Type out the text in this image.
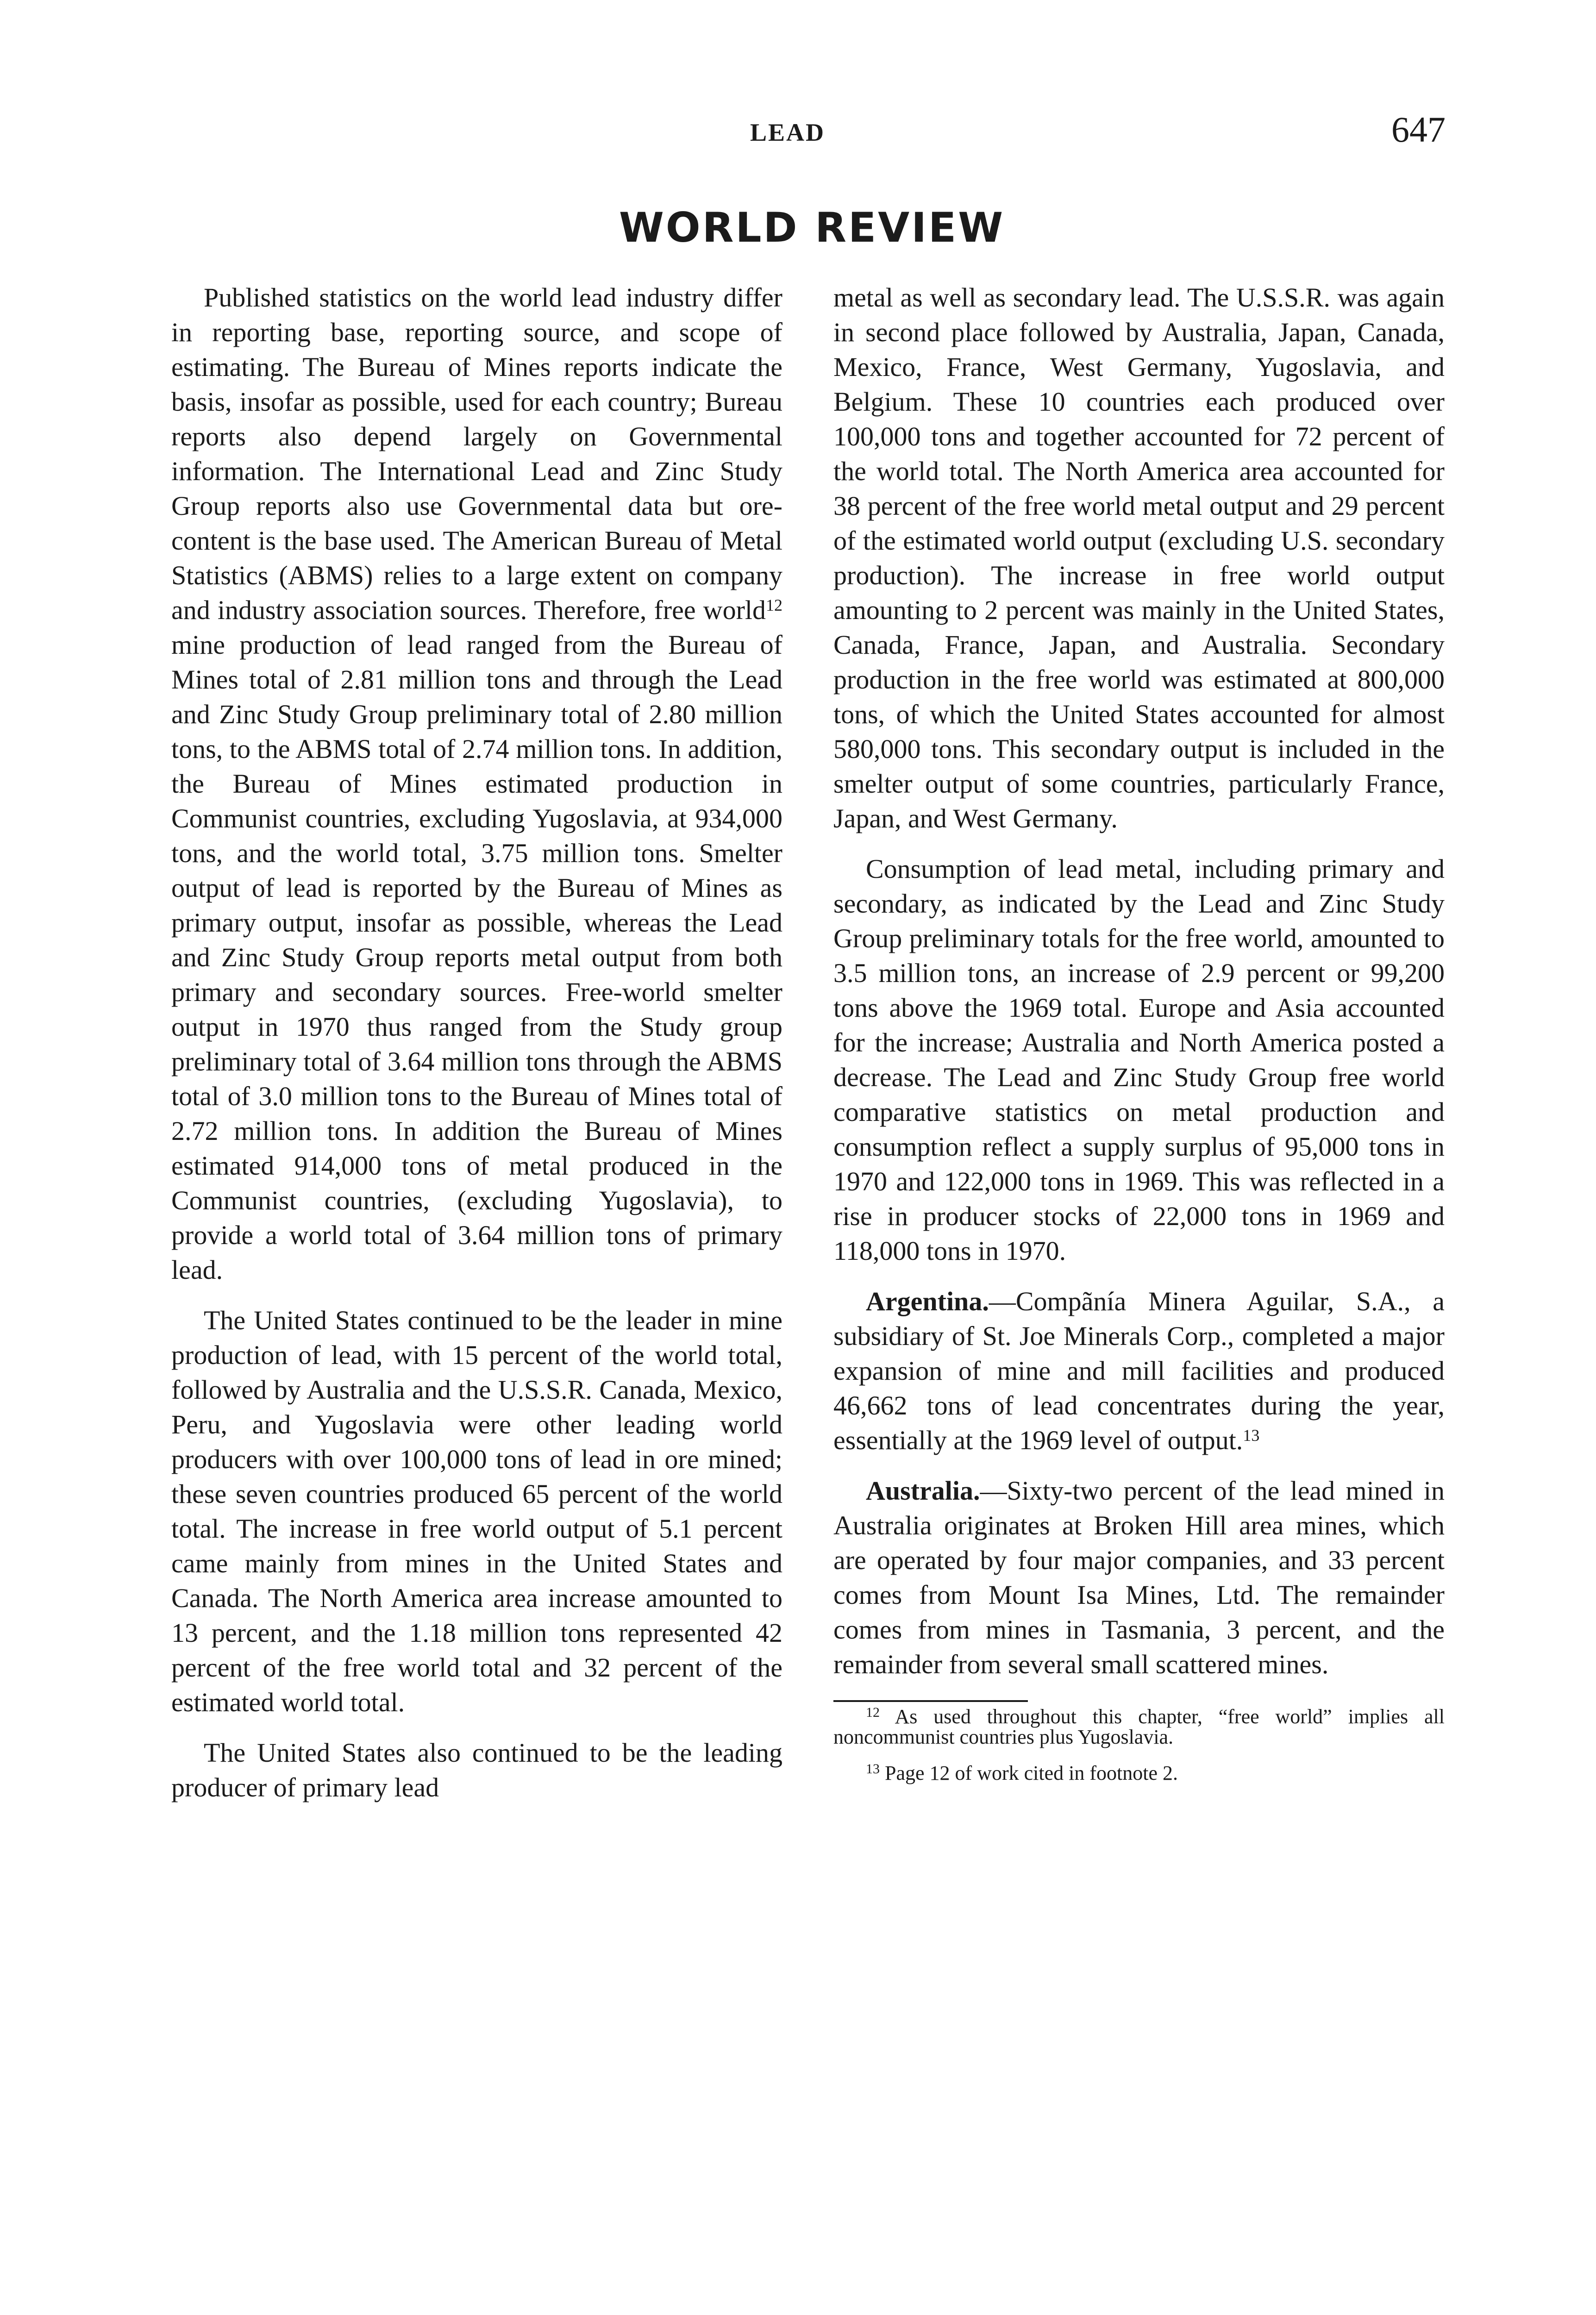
LEAD	647
WORLD REVIEW

Published statistics on the world lead industry differ in reporting base, reporting source, and scope of estimating. The Bureau of Mines reports indicate the basis, insofar as possible, used for each country; Bureau reports also depend largely on Governmental information. The International Lead and Zinc Study Group reports also use Governmental data but ore-content is the base used. The American Bureau of Metal Statistics (ABMS) relies to a large extent on company and industry association sources. Therefore, free world$^{12}$ mine production of lead ranged from the Bureau of Mines total of 2.81 million tons and through the Lead and Zinc Study Group preliminary total of 2.80 million tons, to the ABMS total of 2.74 million tons. In addition, the Bureau of Mines estimated production in Communist countries, excluding Yugoslavia, at 934,000 tons, and the world total, 3.75 million tons. Smelter output of lead is reported by the Bureau of Mines as primary output, insofar as possible, whereas the Lead and Zinc Study Group reports metal output from both primary and secondary sources. Free-world smelter output in 1970 thus ranged from the Study group preliminary total of 3.64 million tons through the ABMS total of 3.0 million tons to the Bureau of Mines total of 2.72 million tons. In addition the Bureau of Mines estimated 914,000 tons of metal produced in the Communist countries, (excluding Yugoslavia), to provide a world total of 3.64 million tons of primary lead.

The United States continued to be the leader in mine production of lead, with 15 percent of the world total, followed by Australia and the U.S.S.R. Canada, Mexico, Peru, and Yugoslavia were other leading world producers with over 100,000 tons of lead in ore mined; these seven countries produced 65 percent of the world total. The increase in free world output of 5.1 percent came mainly from mines in the United States and Canada. The North America area increase amounted to 13 percent, and the 1.18 million tons represented 42 percent of the free world total and 32 percent of the estimated world total.

The United States also continued to be the leading producer of primary lead

metal as well as secondary lead. The U.S.S.R. was again in second place followed by Australia, Japan, Canada, Mexico, France, West Germany, Yugoslavia, and Belgium. These 10 countries each produced over 100,000 tons and together accounted for 72 percent of the world total. The North America area accounted for 38 percent of the free world metal output and 29 percent of the estimated world output (excluding U.S. secondary production). The increase in free world output amounting to 2 percent was mainly in the United States, Canada, France, Japan, and Australia. Secondary production in the free world was estimated at 800,000 tons, of which the United States accounted for almost 580,000 tons. This secondary output is included in the smelter output of some countries, particularly France, Japan, and West Germany.

Consumption of lead metal, including primary and secondary, as indicated by the Lead and Zinc Study Group preliminary totals for the free world, amounted to 3.5 million tons, an increase of 2.9 percent or 99,200 tons above the 1969 total. Europe and Asia accounted for the increase; Australia and North America posted a decrease. The Lead and Zinc Study Group free world comparative statistics on metal production and consumption reflect a supply surplus of 95,000 tons in 1970 and 122,000 tons in 1969. This was reflected in a rise in producer stocks of 22,000 tons in 1969 and 118,000 tons in 1970.

Argentina.—Compãnía Minera Aguilar, S.A., a subsidiary of St. Joe Minerals Corp., completed a major expansion of mine and mill facilities and produced 46,662 tons of lead concentrates during the year, essentially at the 1969 level of output.$^{13}$

Australia.—Sixty-two percent of the lead mined in Australia originates at Broken Hill area mines, which are operated by four major companies, and 33 percent comes from Mount Isa Mines, Ltd. The remainder comes from mines in Tasmania, 3 percent, and the remainder from several small scattered mines.

$^{12}$ As used throughout this chapter, “free world” implies all noncommunist countries plus Yugoslavia.

$^{13}$ Page 12 of work cited in footnote 2.
